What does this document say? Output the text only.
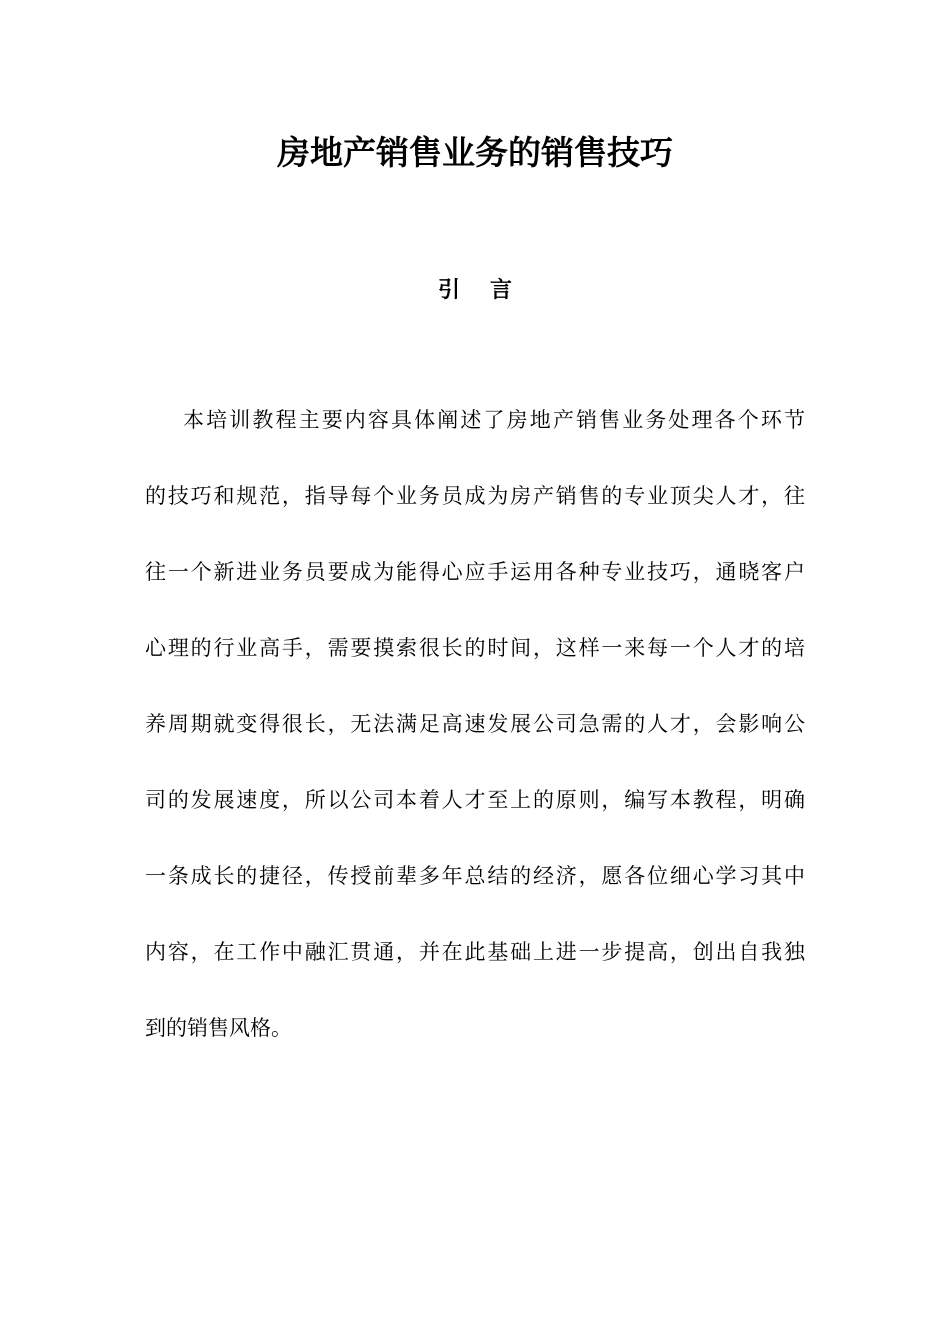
房地产销售业务的销售技巧
引言
本培训教程主要内容具体阐述了房地产销售业务处理各个环节
的技巧和规范，指导每个业务员成为房产销售的专业顶尖人才，往
往一个新进业务员要成为能得心应手运用各种专业技巧，通晓客户
心理的行业高手，需要摸索很长的时间，这样一来每一个人才的培
养周期就变得很长，无法满足高速发展公司急需的人才，会影响公
司的发展速度，所以公司本着人才至上的原则，编写本教程，明确
一条成长的捷径，传授前辈多年总结的经济，愿各位细心学习其中
内容，在工作中融汇贯通，并在此基础上进一步提高，创出自我独
到的销售风格。
